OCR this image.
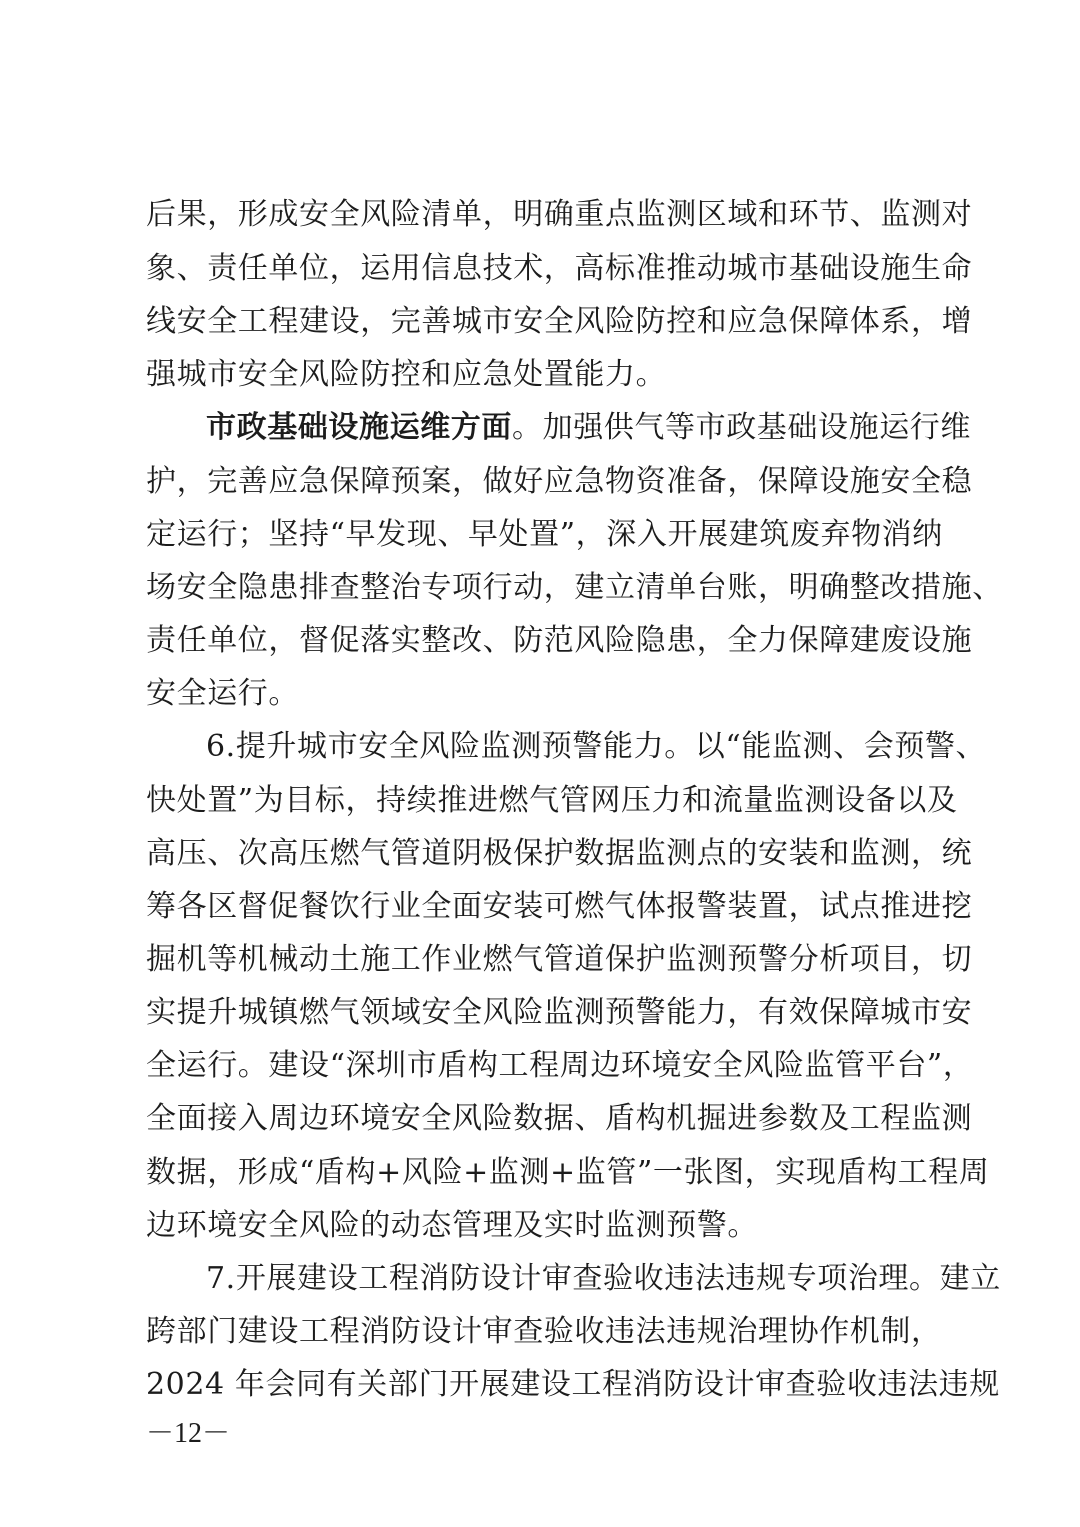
后果，形成安全风险清单，明确重点监测区域和环节、监测对
象、责任单位，运用信息技术，高标准推动城市基础设施生命
线安全工程建设，完善城市安全风险防控和应急保障体系，增
强城市安全风险防控和应急处置能力。
市政基础设施运维方面。加强供气等市政基础设施运行维
护，完善应急保障预案，做好应急物资准备，保障设施安全稳
定运行；坚持“早发现、早处置”，深入开展建筑废弃物消纳
场安全隐患排查整治专项行动，建立清单台账，明确整改措施、
责任单位，督促落实整改、防范风险隐患，全力保障建废设施
安全运行。
6.提升城市安全风险监测预警能力。以“能监测、会预警、
快处置”为目标，持续推进燃气管网压力和流量监测设备以及
高压、次高压燃气管道阴极保护数据监测点的安装和监测，统
筹各区督促餐饮行业全面安装可燃气体报警装置，试点推进挖
掘机等机械动土施工作业燃气管道保护监测预警分析项目，切
实提升城镇燃气领域安全风险监测预警能力，有效保障城市安
全运行。建设“深圳市盾构工程周边环境安全风险监管平台”，
全面接入周边环境安全风险数据、盾构机掘进参数及工程监测
数据，形成“盾构+风险+监测+监管”一张图，实现盾构工程周
边环境安全风险的动态管理及实时监测预警。
7.开展建设工程消防设计审查验收违法违规专项治理。建立
跨部门建设工程消防设计审查验收违法违规治理协作机制，
2024 年会同有关部门开展建设工程消防设计审查验收违法违规
－12－
